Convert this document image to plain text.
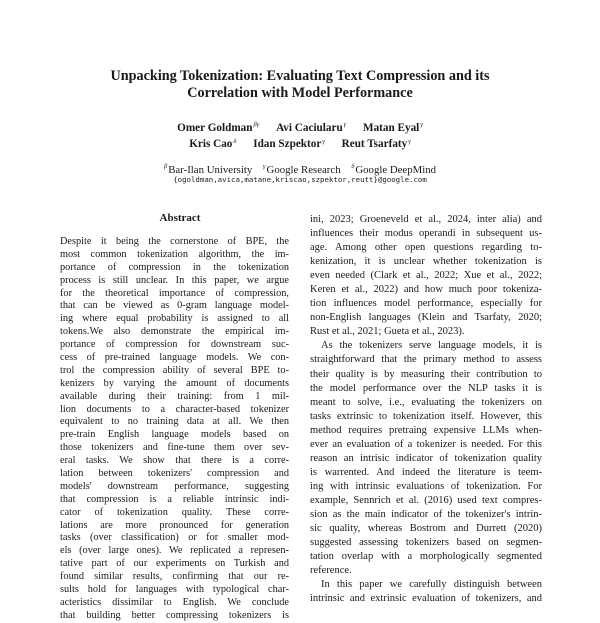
Unpacking Tokenization: Evaluating Text Compression and its
Correlation with Model Performance
Omer Goldman$^{\beta\gamma}$ Avi Caciularu$^\gamma$ Matan Eyal$^\gamma$
Kris Cao$^\delta$ Idan Szpektor$^\gamma$ Reut Tsarfaty$^\gamma$
$^\beta$Bar-Ilan University $^\gamma$Google Research $^\delta$Google DeepMind
{ogoldman,avica,matane,kriscao,szpektor,reutt}@google.com
Abstract
Despite it being the cornerstone of BPE, the
most common tokenization algorithm, the im-
portance of compression in the tokenization
process is still unclear. In this paper, we argue
for the theoretical importance of compression,
that can be viewed as 0-gram language model-
ing where equal probability is assigned to all
tokens.We also demonstrate the empirical im-
portance of compression for downstream suc-
cess of pre-trained language models. We con-
trol the compression ability of several BPE to-
kenizers by varying the amount of documents
available during their training: from 1 mil-
lion documents to a character-based tokenizer
equivalent to no training data at all. We then
pre-train English language models based on
those tokenizers and fine-tune them over sev-
eral tasks. We show that there is a corre-
lation between tokenizers' compression and
models' downstream performance, suggesting
that compression is a reliable intrinsic indi-
cator of tokenization quality. These corre-
lations are more pronounced for generation
tasks (over classification) or for smaller mod-
els (over large ones). We replicated a represen-
tative part of our experiments on Turkish and
found similar results, confirming that our re-
sults hold for languages with typological char-
acteristics dissimilar to English. We conclude
that building better compressing tokenizers is
ini, 2023; Groeneveld et al., 2024, inter alia) and
influences their modus operandi in subsequent us-
age. Among other open questions regarding to-
kenization, it is unclear whether tokenization is
even needed (Clark et al., 2022; Xue et al., 2022;
Keren et al., 2022) and how much poor tokeniza-
tion influences model performance, especially for
non-English languages (Klein and Tsarfaty, 2020;
Rust et al., 2021; Gueta et al., 2023).
As the tokenizers serve language models, it is
straightforward that the primary method to assess
their quality is by measuring their contribution to
the model performance over the NLP tasks it is
meant to solve, i.e., evaluating the tokenizers on
tasks extrinsic to tokenization itself. However, this
method requires pretraing expensive LLMs when-
ever an evaluation of a tokenizer is needed. For this
reason an intrisic indicator of tokenization quality
is warrented. And indeed the literature is teem-
ing with intrinsic evaluations of tokenization. For
example, Sennrich et al. (2016) used text compres-
sion as the main indicator of the tokenizer's intrin-
sic quality, whereas Bostrom and Durrett (2020)
suggested assessing tokenizers based on segmen-
tation overlap with a morphologically segmented
reference.
In this paper we carefully distinguish between
intrinsic and extrinsic evaluation of tokenizers, and
